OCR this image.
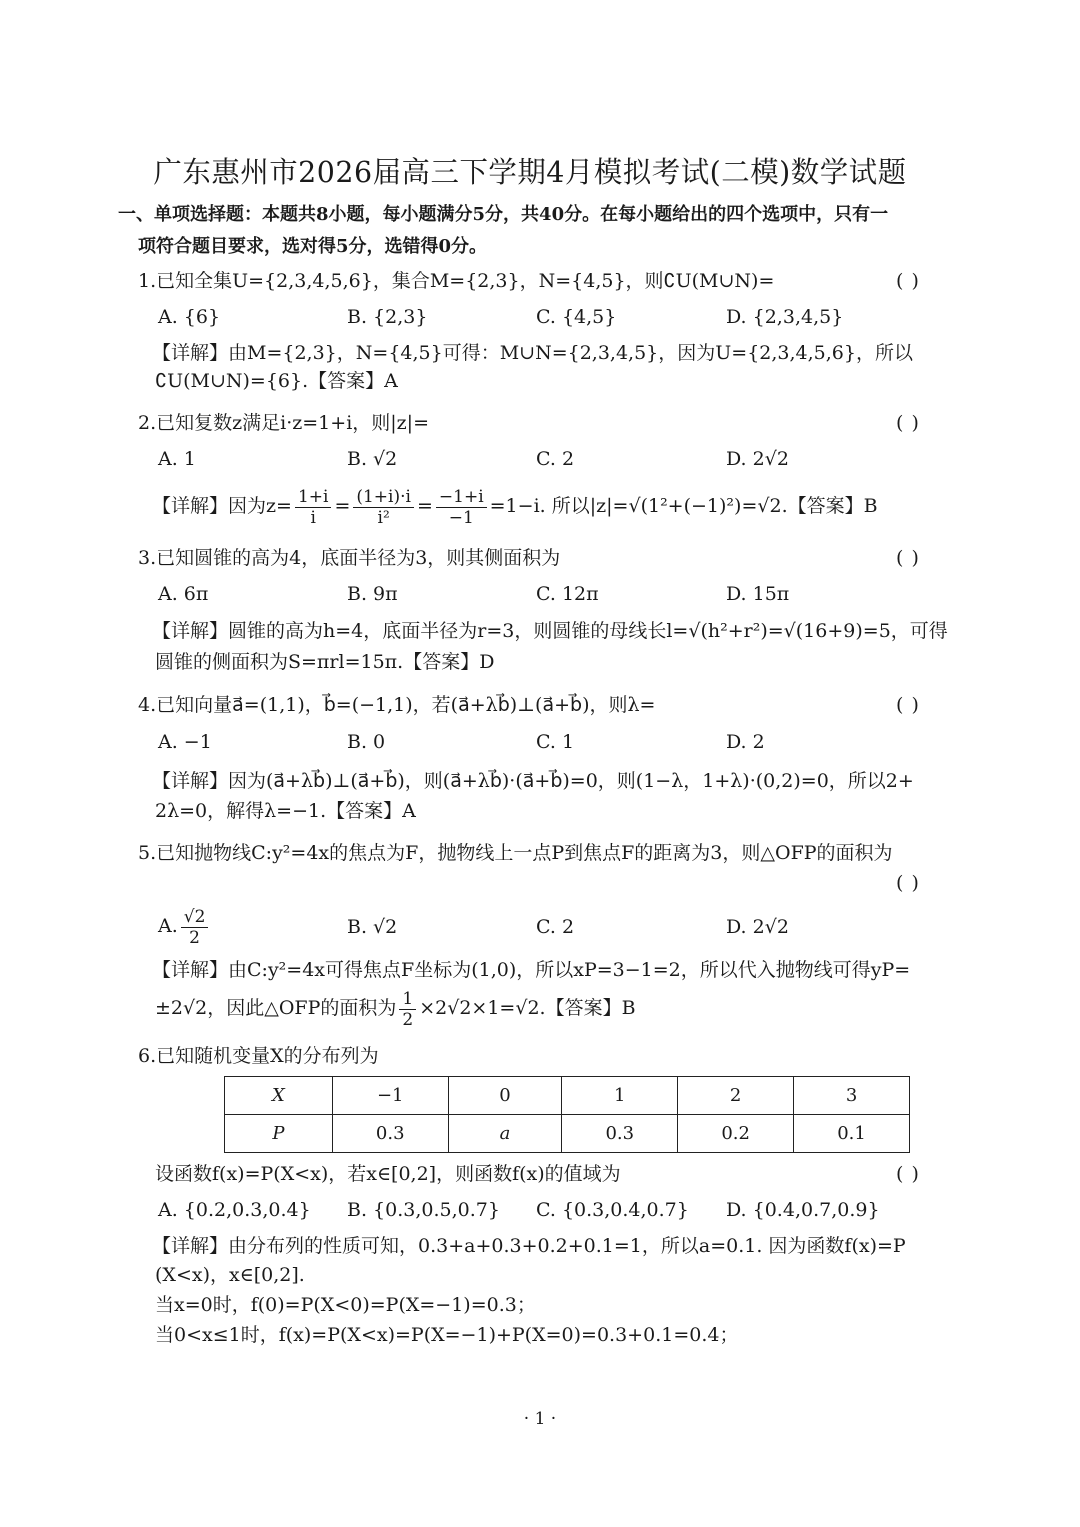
广东惠州市2026届高三下学期4月模拟考试(二模)数学试题
一、单项选择题：本题共8小题，每小题满分5分，共40分。在每小题给出的四个选项中，只有一
项符合题目要求，选对得5分，选错得0分。
1.已知全集U={2,3,4,5,6}，集合M={2,3}，N={4,5}，则∁U(M∪N)=	( )
A. {6}	B. {2,3}	C. {4,5}	D. {2,3,4,5}
【详解】由M={2,3}，N={4,5}可得：M∪N={2,3,4,5}，因为U={2,3,4,5,6}，所以
∁U(M∪N)={6}.【答案】A
2.已知复数z满足i·z=1+i，则|z|=	( )
A. 1	B. √2	C. 2	D. 2√2
【详解】因为$z= \frac{1+i}{i} = \frac{(1+i)\cdot i}{\text{i²}} = \frac{-1+i}{-1} =1-i$. 所以|z|=√(1²+(−1)²)=√2.【答案】B
3.已知圆锥的高为4，底面半径为3，则其侧面积为	( )
A. 6π	B. 9π	C. 12π	D. 15π
【详解】圆锥的高为h=4，底面半径为r=3，则圆锥的母线长l=√(h²+r²)=√(16+9)=5，可得
圆锥的侧面积为S=πrl=15π.【答案】D
4.已知向量a⃗=(1,1)，b⃗=(−1,1)，若(a⃗+λb⃗)⊥(a⃗+b⃗)，则λ=	( )
A. −1	B. 0	C. 1	D. 2
【详解】因为(a⃗+λb⃗)⊥(a⃗+b⃗)，则(a⃗+λb⃗)·(a⃗+b⃗)=0，则(1−λ，1+λ)·(0,2)=0，所以2+
2λ=0，解得λ=−1.【答案】A
5.已知抛物线C:y²=4x的焦点为F，抛物线上一点P到焦点F的距离为3，则△OFP的面积为
( )
A. $\frac{√2}{2}$	B. √2	C. 2	D. 2√2
【详解】由C:y²=4x可得焦点F坐标为(1,0)，所以xP=3−1=2，所以代入抛物线可得yP=
±2√2，因此△OFP的面积为 $\frac{1}{2} \times 2√2\times 1=√2$.【答案】B
6.已知随机变量X的分布列为
X	−1	0	1	2	3
P	0.3	a	0.3	0.2	0.1
设函数f(x)=P(X<x)，若x∈[0,2]，则函数f(x)的值域为	( )
A. {0.2,0.3,0.4} B. {0.3,0.5,0.7} C. {0.3,0.4,0.7} D. {0.4,0.7,0.9}
【详解】由分布列的性质可知，0.3+a+0.3+0.2+0.1=1，所以a=0.1. 因为函数f(x)=P
(X<x)，x∈[0,2].
当x=0时，f(0)=P(X<0)=P(X=−1)=0.3；
当0<x≤1时，f(x)=P(X<x)=P(X=−1)+P(X=0)=0.3+0.1=0.4；
· 1 ·
